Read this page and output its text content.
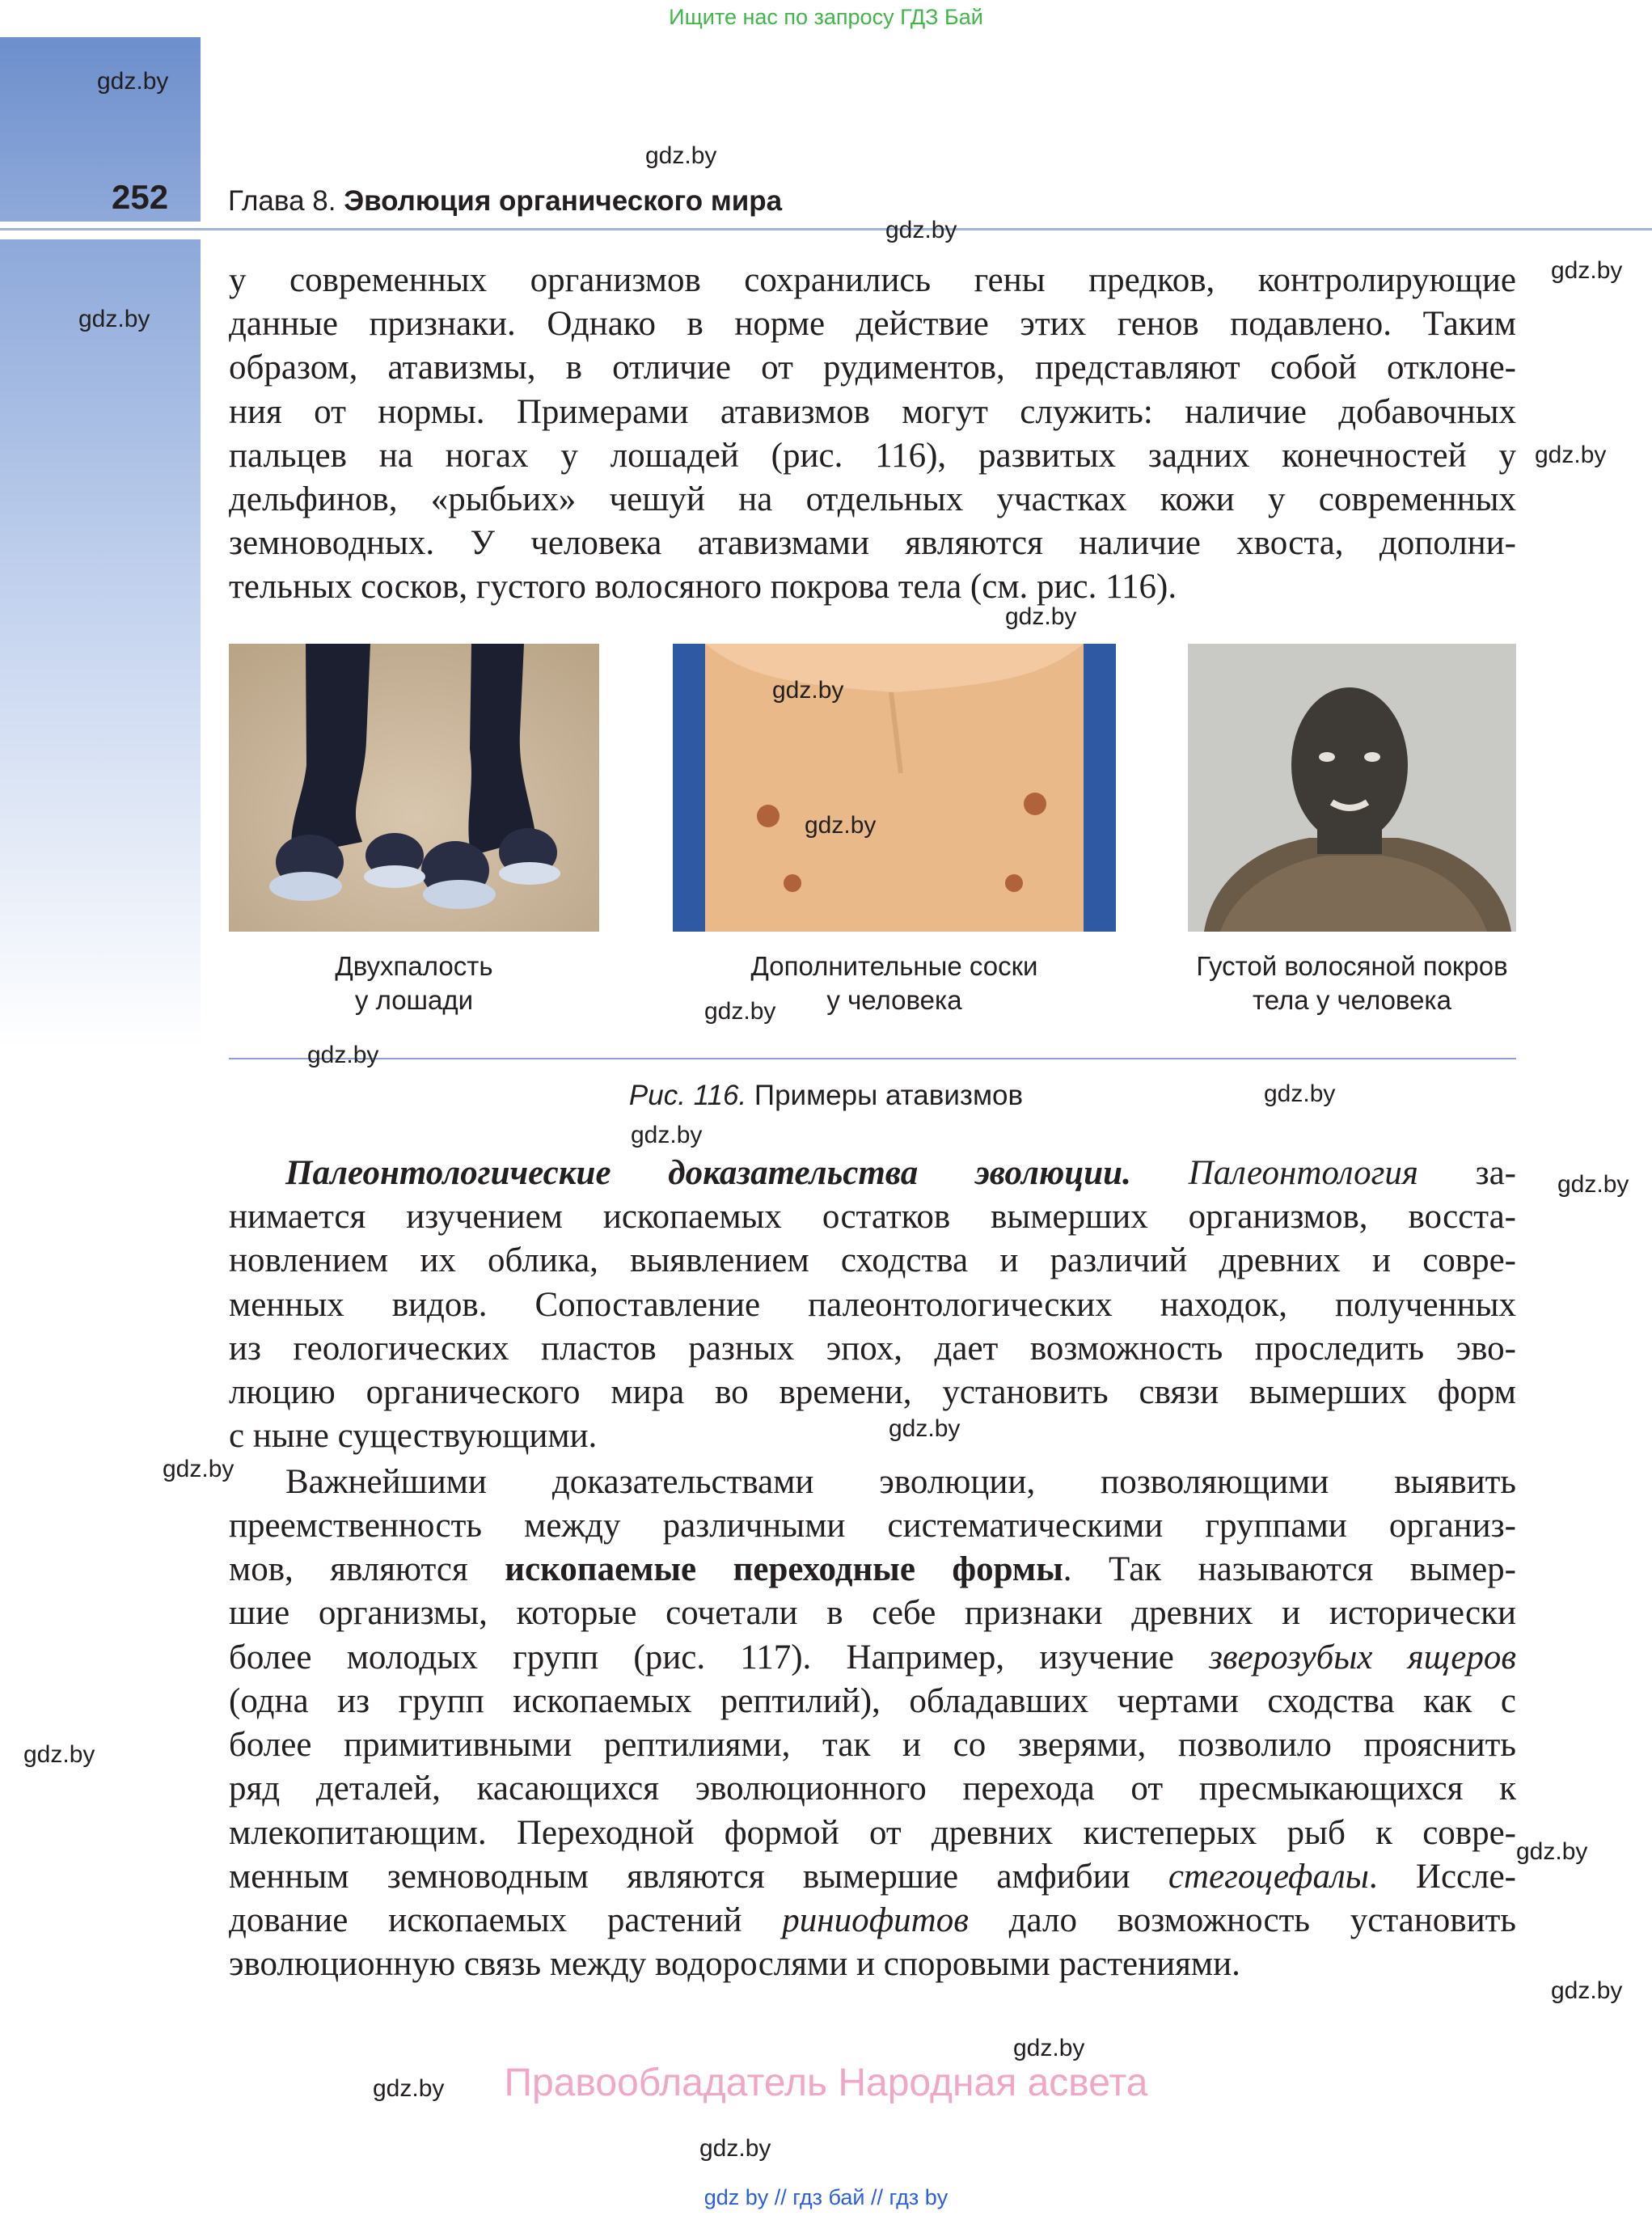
Ищите нас по запросу ГДЗ Бай
252 Глава 8. Эволюция органического мира
у современных организмов сохранились гены предков, контролирующие
данные признаки. Однако в норме действие этих генов подавлено. Таким
образом, атавизмы, в отличие от рудиментов, представляют собой отклоне-
ния от нормы. Примерами атавизмов могут служить: наличие добавочных
пальцев на ногах у лошадей (рис. 116), развитых задних конечностей у
дельфинов, «рыбьих» чешуй на отдельных участках кожи у современных
земноводных. У человека атавизмами являются наличие хвоста, дополни-
тельных сосков, густого волосяного покрова тела (см. рис. 116).
Двухпалость
у лошади
Дополнительные соски
у человека
Густой волосяной покров
тела у человека
Рис. 116. Примеры атавизмов
Палеонтологические доказательства эволюции. Палеонтология за-
нимается изучением ископаемых остатков вымерших организмов, восста-
новлением их облика, выявлением сходства и различий древних и совре-
менных видов. Сопоставление палеонтологических находок, полученных
из геологических пластов разных эпох, дает возможность проследить эво-
люцию органического мира во времени, установить связи вымерших форм
с ныне существующими.
Важнейшими доказательствами эволюции, позволяющими выявить
преемственность между различными систематическими группами организ-
мов, являются ископаемые переходные формы. Так называются вымер-
шие организмы, которые сочетали в себе признаки древних и исторически
более молодых групп (рис. 117). Например, изучение зверозубых ящеров
(одна из групп ископаемых рептилий), обладавших чертами сходства как с
более примитивными рептилиями, так и со зверями, позволило прояснить
ряд деталей, касающихся эволюционного перехода от пресмыкающихся к
млекопитающим. Переходной формой от древних кистеперых рыб к совре-
менным земноводным являются вымершие амфибии стегоцефалы. Иссле-
дование ископаемых растений риниофитов дало возможность установить
эволюционную связь между водорослями и споровыми растениями.
gdz.by
gdz.by
gdz.by
gdz.by
gdz.by
gdz.by
gdz.by
gdz.by
gdz.by
gdz.by
gdz.by
gdz.by
gdz.by
gdz.by
gdz.by
gdz.by
gdz.by
gdz.by
gdz.by
gdz.by
gdz.by
gdz.by
Правообладатель Народная асвета
gdz by // гдз бай // гдз by
